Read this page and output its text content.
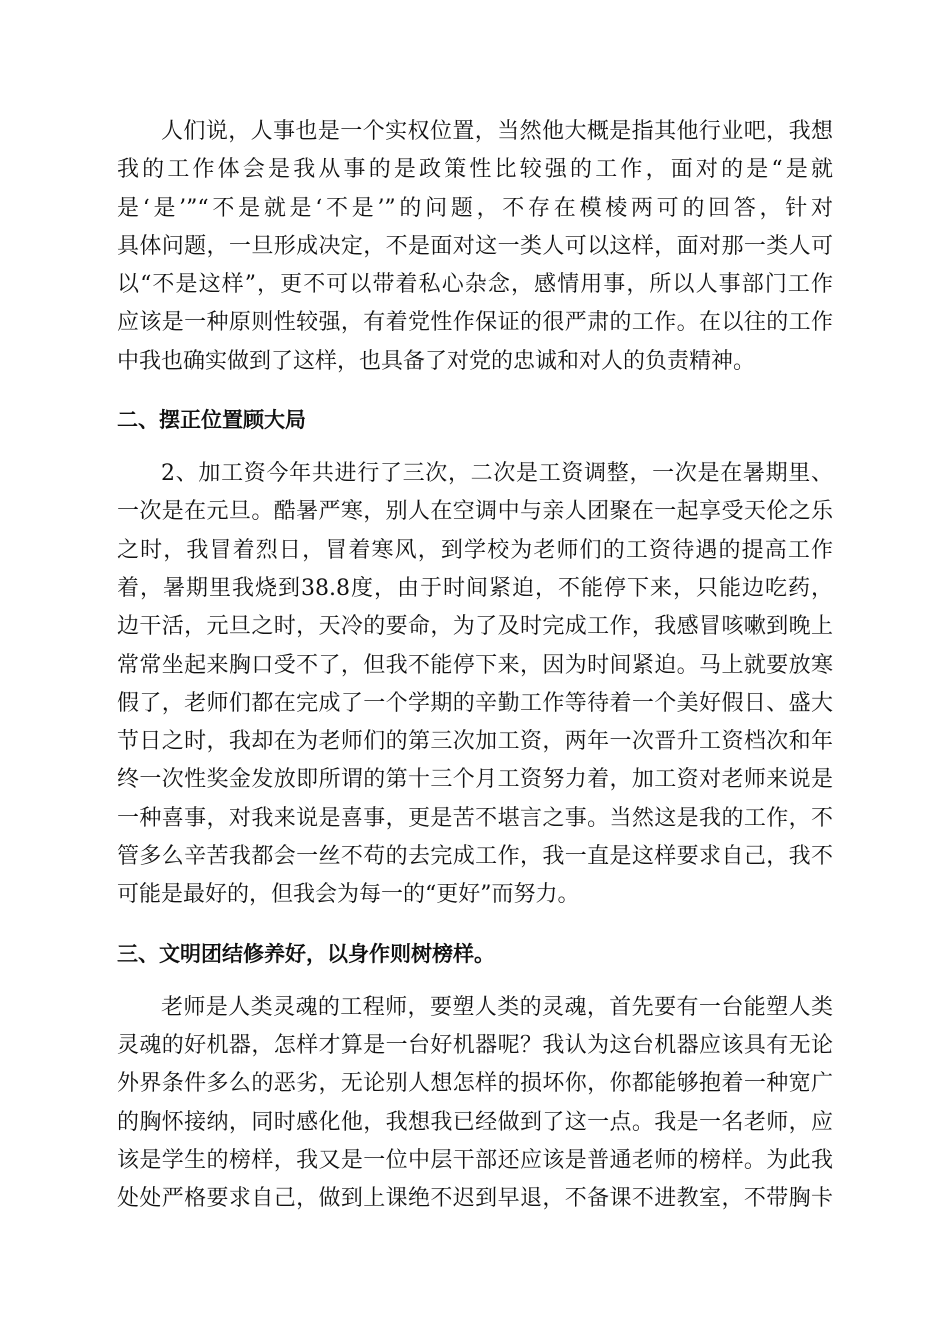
人们说，人事也是一个实权位置，当然他大概是指其他行业吧，我想
我的工作体会是我从事的是政策性比较强的工作，面对的是“是就
是‘是’”“不是就是‘不是’”的问题，不存在模棱两可的回答，针对
具体问题，一旦形成决定，不是面对这一类人可以这样，面对那一类人可
以“不是这样”，更不可以带着私心杂念，感情用事，所以人事部门工作
应该是一种原则性较强，有着党性作保证的很严肃的工作。在以往的工作
中我也确实做到了这样，也具备了对党的忠诚和对人的负责精神。
二、摆正位置顾大局
2、加工资今年共进行了三次，二次是工资调整，一次是在暑期里、
一次是在元旦。酷暑严寒，别人在空调中与亲人团聚在一起享受天伦之乐
之时，我冒着烈日，冒着寒风，到学校为老师们的工资待遇的提高工作
着，暑期里我烧到38.8度，由于时间紧迫，不能停下来，只能边吃药，
边干活，元旦之时，天冷的要命，为了及时完成工作，我感冒咳嗽到晚上
常常坐起来胸口受不了，但我不能停下来，因为时间紧迫。马上就要放寒
假了，老师们都在完成了一个学期的辛勤工作等待着一个美好假日、盛大
节日之时，我却在为老师们的第三次加工资，两年一次晋升工资档次和年
终一次性奖金发放即所谓的第十三个月工资努力着，加工资对老师来说是
一种喜事，对我来说是喜事，更是苦不堪言之事。当然这是我的工作，不
管多么辛苦我都会一丝不苟的去完成工作，我一直是这样要求自己，我不
可能是最好的，但我会为每一的“更好”而努力。
三、文明团结修养好，以身作则树榜样。
老师是人类灵魂的工程师，要塑人类的灵魂，首先要有一台能塑人类
灵魂的好机器，怎样才算是一台好机器呢？我认为这台机器应该具有无论
外界条件多么的恶劣，无论别人想怎样的损坏你，你都能够抱着一种宽广
的胸怀接纳，同时感化他，我想我已经做到了这一点。我是一名老师，应
该是学生的榜样，我又是一位中层干部还应该是普通老师的榜样。为此我
处处严格要求自己，做到上课绝不迟到早退，不备课不进教室，不带胸卡
